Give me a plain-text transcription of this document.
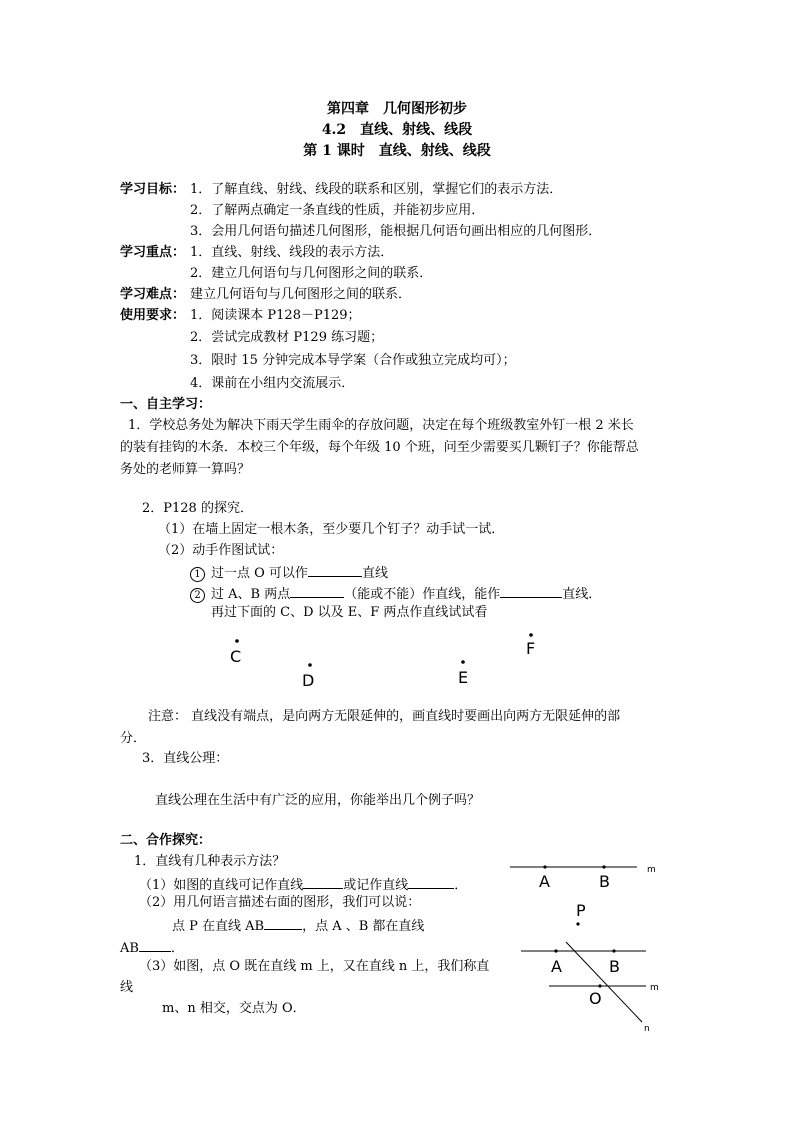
第四章　几何图形初步
4.2　直线、射线、线段
第 1 课时　直线、射线、线段
学习目标： 1．了解直线、射线、线段的联系和区别，掌握它们的表示方法．
2．了解两点确定一条直线的性质，并能初步应用．
3．会用几何语句描述几何图形，能根据几何语句画出相应的几何图形．
学习重点： 1．直线、射线、线段的表示方法．
2．建立几何语句与几何图形之间的联系．
学习难点： 建立几何语句与几何图形之间的联系．
使用要求： 1．阅读课本 P128－P129；
2．尝试完成教材 P129 练习题；
3．限时 15 分钟完成本导学案（合作或独立完成均可）；
4．课前在小组内交流展示．
一、自主学习：
1．学校总务处为解决下雨天学生雨伞的存放问题，决定在每个班级教室外钉一根 2 米长
的装有挂钩的木条．本校三个年级，每个年级 10 个班，问至少需要买几颗钉子？你能帮总
务处的老师算一算吗？
2．P128 的探究．
（1）在墙上固定一根木条，至少要几个钉子？动手试一试．
（2）动手作图试试：
1 过一点 O 可以作	直线
2 过 A、B 两点	（能或不能）作直线，能作	直线．
再过下面的 C、D 以及 E、F 两点作直线试试看
C
D	E
F
注意： 直线没有端点，是向两方无限延伸的，画直线时要画出向两方无限延伸的部
分．
3．直线公理：
直线公理在生活中有广泛的应用，你能举出几个例子吗？
二、合作探究：
1．直线有几种表示方法？
（1）如图的直线可记作直线	或记作直线	．
（2）用几何语言描述右面的图形，我们可以说：
点 P 在直线 AB	，点 A 、B 都在直线
AB ．
（3）如图，点 O 既在直线 m 上，又在直线 n 上，我们称直
线
m、n 相交，交点为 O．
A	B
m
P
A	B
m
O
n
